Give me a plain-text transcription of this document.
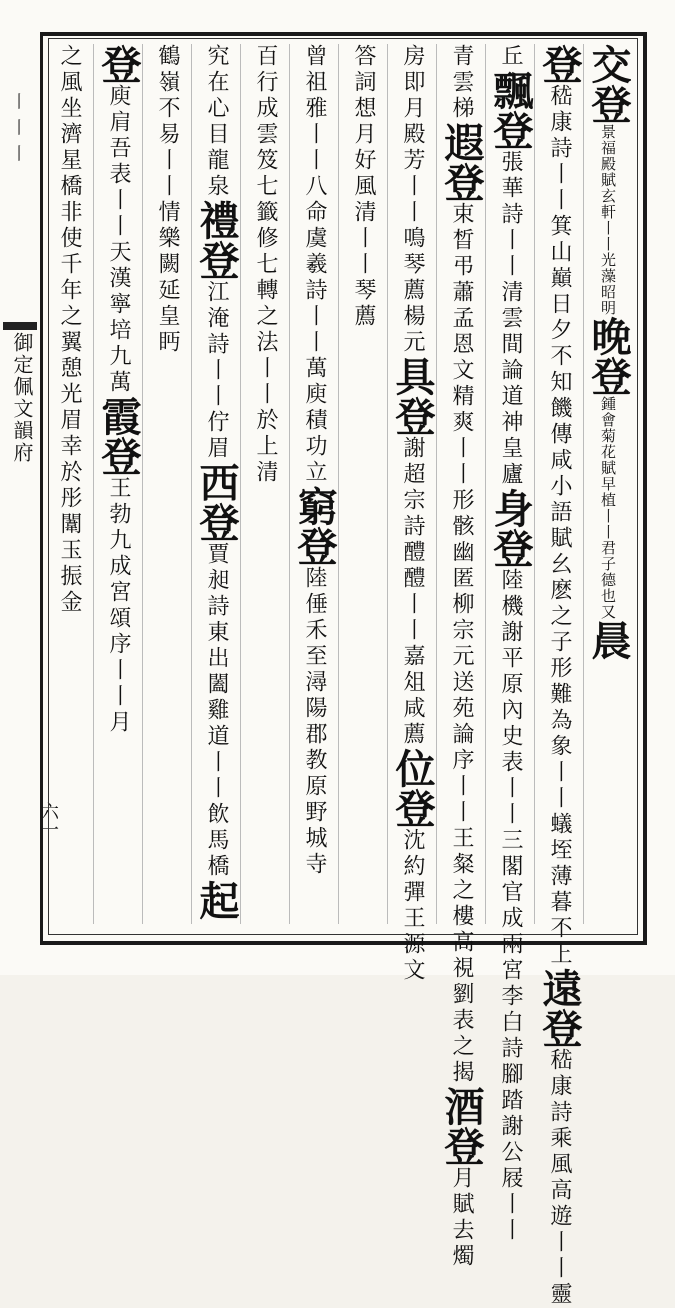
〡〡〡
御定佩文韻府
六一
交登景福殿賦玄軒丨丨光藻昭明晚登鍾會菊花賦早植丨丨君子德也又晨
登嵇康詩丨丨箕山巔日夕不知饑傳咸小語賦幺麽之子形難為象丨丨蟻垤薄暮不上遠登嵇康詩乘風高遊丨丨靈
丘飄登張華詩丨丨清雲間論道神皇廬身登陸機謝平原內史表丨丨三閣官成兩宮李白詩腳踏謝公屐丨丨
青雲梯遐登束晳弔蕭孟恩文精爽丨丨形骸幽匿柳宗元送苑論序丨丨王粲之樓高視劉表之揭酒登月賦去燭
房即月殿芳丨丨鳴琴薦楊元具登謝超宗詩醴醴丨丨嘉俎咸薦位登沈約彈王源文
答詞想月好風清丨丨琴薦
曾祖雅丨丨八命虞羲詩丨丨萬庾積功立窮登陸倕禾至潯陽郡教原野城寺
百行成雲笈七籤修七轉之法丨丨於上清
究在心目龍泉禮登江淹詩丨丨佇眉西登賈昶詩東出闔雞道丨丨飲馬橋起
鶴嶺不易丨丨情樂闕延皇眄
登庾肩吾表丨丨天漢寧培九萬霞登王勃九成宮頌序丨丨月
之風坐濟星橋非使千年之翼憩光眉幸於彤闈玉振金
